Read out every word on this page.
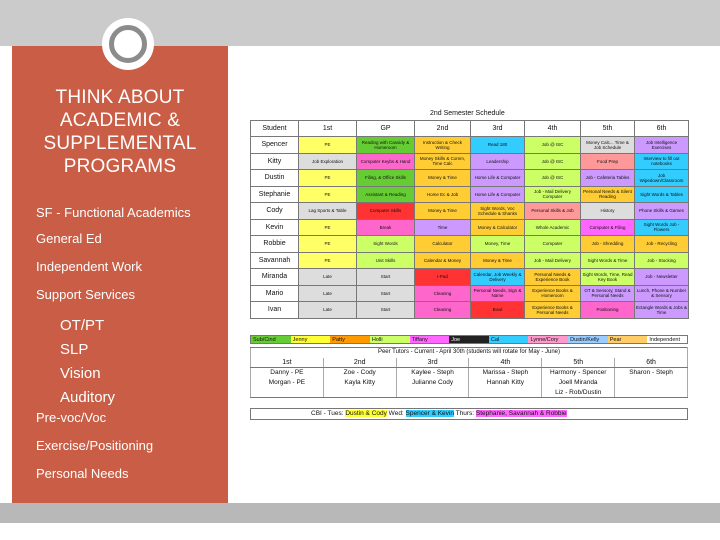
THINK ABOUT
ACADEMIC &
SUPPLEMENTAL
PROGRAMS
SF - Functional Academics
General Ed
Independent Work
Support Services
OT/PT
SLP
Vision
Auditory
Pre-voc/Voc
Exercise/Positioning
Personal Needs
2nd Semester Schedule
Student	1st	GP	2nd	3rd	4th	5th	6th
Spencer	PE	Reading with Cassidy & Homeroom	Instruction & Check Writing	Read 180	Job @ ISC	Money Calc... Time & Job Schedule	Job Intelligence Exercises
Kitty	Job Exploration	Computer Keybs & Hand	Money Skills & Comm, Time Calc	Leadership	Job @ ISC	Food Prep	Interview to fill out notebooks
Dustin	PE	Filing, & Office Skills	Money & Time	Home Life & Computer	Job @ ISC	Job - Cafeteria Tables	Job Wipedown/Classroom
Stephanie	PE	Assistant & Reading	Home Ec & Job	Home Life & Computer	Job - Mail Delivery Computer	Personal Needs & Silent Reading	Sight Words & Tables
Cody	Lag Sports & Table	Computer Skills	Money & Time	Sight Words, Voc Schedule & Shanks	Personal Skills & Job	History	Phone Skills & Games
Kevin	PE	Break	Time	Money & Calculator	Whole Academic	Computer & Filing	Sight Words Job - Flowers
Robbie	PE	Sight Words	Calculator	Money, Time	Computer	Job - Shredding	Job - Recycling
Savannah	PE	Unit Skills	Calendar & Money	Money & Time	Job - Mail Delivery	Sight Words & Time	Job - Stocking
Miranda	Late	Start	I-Pad	Calendar, Job Weekly & Delivery	Personal Needs & Experience Book	Sight Words, Time, Read Key Book	Job - Newsletter
Mario	Late	Start	Cleaning	Personal Needs, Sign & Name	Experience Books & Homeroom	OT & Sensory, Stand & Personal Needs	Lunch, Phone & Number & Sensory
Ivan	Late	Start	Cleaning	Bowl	Experience Books & Personal Needs	Positioning	Ectangle Words & Jobs & Time
Sub/Cind	Jenny	Patty	Holli	Tiffany	Joe	Cal	Lynne/Cory	Dustin/Kelly	Pear	Independent
Peer Tutors - Current - April 30th (students will rotate for May - June)					
1st	2nd	3rd	4th	5th	6th
Danny - PE	Zoe - Cody	Kaylee - Steph	Marissa - Steph	Harmony - Spencer	Sharon - Steph
Morgan - PE	Kayla Kitty	Julianne Cody	Hannah Kitty	Joell Miranda	
				Liz - Rob/Dustin	
CBI - Tues: Dustin & Cody Wed: Spencer & Kevin Thurs: Stephanie, Savannah & Robbie
